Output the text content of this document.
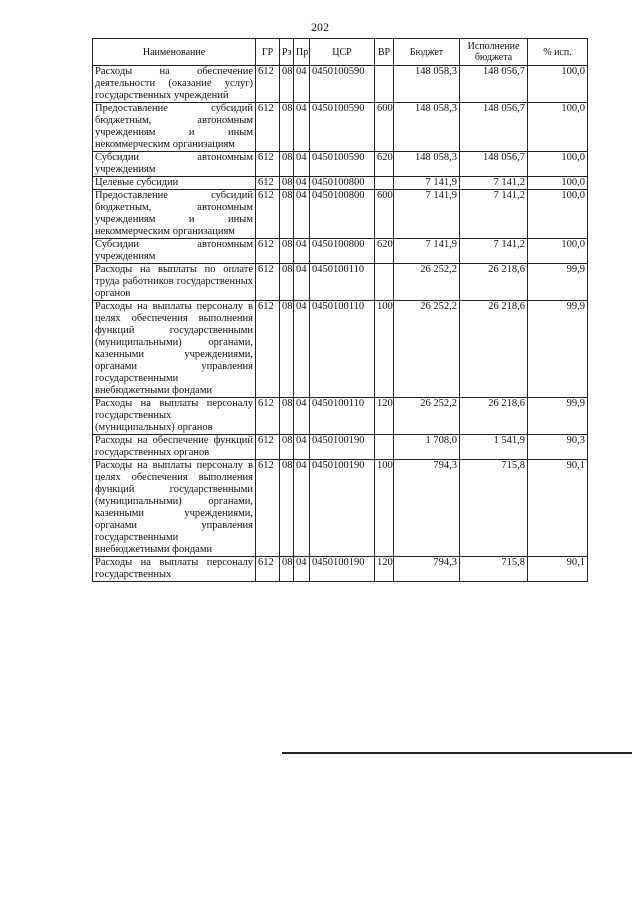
202
Наименование	ГР	Рз	Пр	ЦСР	ВР	Бюджет	Исполнение бюджета	% исп.
Расходы на обеспечение деятельности (оказание услуг) государственных учреждений	612	08	04	0450100590		148 058,3	148 056,7	100,0
Предоставление субсидий бюджетным, автономным учреждениям и иным некоммерческим организациям	612	08	04	0450100590	600	148 058,3	148 056,7	100,0
Субсидии автономным учреждениям	612	08	04	0450100590	620	148 058,3	148 056,7	100,0
Целевые субсидии	612	08	04	0450100800		7 141,9	7 141,2	100,0
Предоставление субсидий бюджетным, автономным учреждениям и иным некоммерческим организациям	612	08	04	0450100800	600	7 141,9	7 141,2	100,0
Субсидии автономным учреждениям	612	08	04	0450100800	620	7 141,9	7 141,2	100,0
Расходы на выплаты по оплате труда работников государственных органов	612	08	04	0450100110		26 252,2	26 218,6	99,9
Расходы на выплаты персоналу в целях обеспечения выполнения функций государственными (муниципальными) органами, казенными учреждениями, органами управления государственными внебюджетными фондами	612	08	04	0450100110	100	26 252,2	26 218,6	99,9
Расходы на выплаты персоналу государственных (муниципальных) органов	612	08	04	0450100110	120	26 252,2	26 218,6	99,9
Расходы на обеспечение функций государственных органов	612	08	04	0450100190		1 708,0	1 541,9	90,3
Расходы на выплаты персоналу в целях обеспечения выполнения функций государственными (муниципальными) органами, казенными учреждениями, органами управления государственными внебюджетными фондами	612	08	04	0450100190	100	794,3	715,8	90,1
Расходы на выплаты персоналу государственных	612	08	04	0450100190	120	794,3	715,8	90,1
